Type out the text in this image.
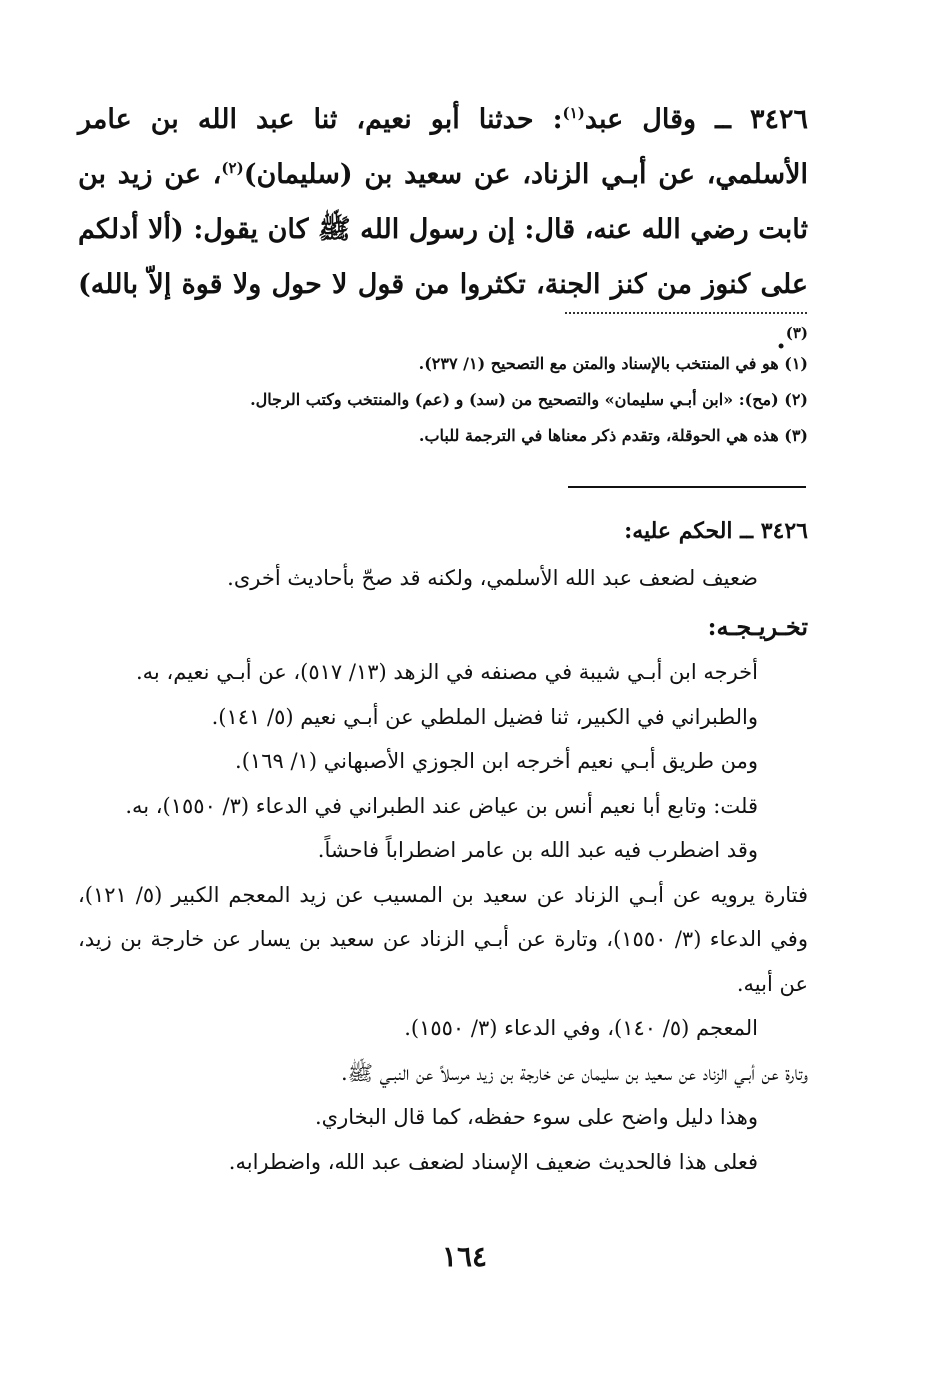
٣٤٢٦ ــ وقال عبد$^{(١)}$: حدثنا أبو نعيم، ثنا عبد الله بن عامر الأسلمي، عن أبـي الزناد، عن سعيد بن (سليمان)$^{(٢)}$، عن زيد بن ثابت رضي الله عنه، قال: إن رسول الله ﷺ كان يقول: (ألا أدلكم على كنوز من كنز الجنة، تكثروا من قول لا حول ولا قوة إلاّ بالله)$^{(٣)}$.
(١) هو في المنتخب بالإسناد والمتن مع التصحيح (١/ ٢٣٧).
(٢) (مح): «ابن أبـي سليمان» والتصحيح من (سد) و (عم) والمنتخب وكتب الرجال.
(٣) هذه هي الحوقلة، وتقدم ذكر معناها في الترجمة للباب.
٣٤٢٦ ــ الحكم عليه:
ضعيف لضعف عبد الله الأسلمي، ولكنه قد صحّ بأحاديث أخرى.
تخـريـجـه:
أخرجه ابن أبـي شيبة في مصنفه في الزهد (١٣/ ٥١٧)، عن أبـي نعيم، به.
والطبراني في الكبير، ثنا فضيل الملطي عن أبـي نعيم (٥/ ١٤١).
ومن طريق أبـي نعيم أخرجه ابن الجوزي الأصبهاني (١/ ١٦٩).
قلت: وتابع أبا نعيم أنس بن عياض عند الطبراني في الدعاء (٣/ ١٥٥٠)، به.
وقد اضطرب فيه عبد الله بن عامر اضطراباً فاحشاً.
فتارة يرويه عن أبـي الزناد عن سعيد بن المسيب عن زيد المعجم الكبير (٥/ ١٢١)، وفي الدعاء (٣/ ١٥٥٠)، وتارة عن أبـي الزناد عن سعيد بن يسار عن خارجة بن زيد، عن أبيه.
المعجم (٥/ ١٤٠)، وفي الدعاء (٣/ ١٥٥٠).
وتارة عن أبـي الزناد عن سعيد بن سليمان عن خارجة بن زيد مرسلاً عن النبـي ﷺ.
وهذا دليل واضح على سوء حفظه، كما قال البخاري.
فعلى هذا فالحديث ضعيف الإسناد لضعف عبد الله، واضطرابه.
١٦٤
